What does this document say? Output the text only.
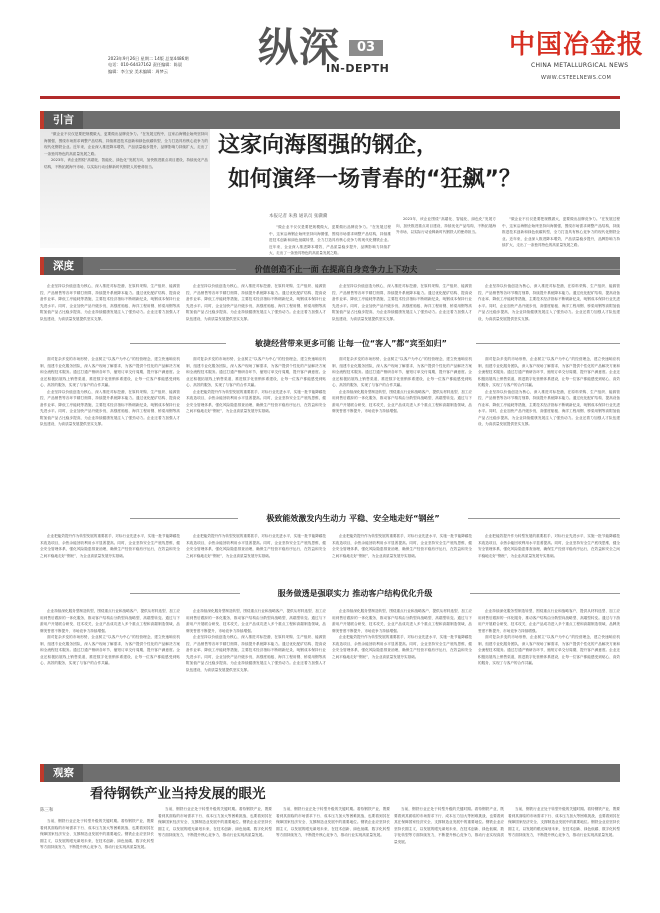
2023年9月26日 星期二 14版 总第4486期
电话：010-64437162 责任编辑：陈晨
编辑：李立安 美术编辑：周梦云
纵深	03
IN-DEPTH
中国冶金报
CHINA METALLURGICAL NEWS
WWW.CSTEELNEWS.COM
引言

“做企业不仅仅是要把规模做大，更要做出品牌竞争力。”在发展过程中，这家沿海钢企始终坚持向海图强，围绕市场需求调整产品结构，持续推进技术创新和绿色低碳转型，全力打造具有核心竞争力的现代化钢铁企业。近年来，企业深入推进降本增效，产品质量稳步提升，品牌影响力持续扩大，走出了一条独具特色的高质量发展之路。

2023年，该企业围绕“高端化、智能化、绿色化”发展方向，加快推进重点项目建设，持续优化产品结构，不断拓展海外市场，以实际行动诠释新时代钢铁人的使命担当。

这家向海图强的钢企，
如何演绎一场青春的“狂飙”？
本报记者 朱燕 通讯员 张骥骥

“做企业不仅仅是要把规模做大，更要做出品牌竞争力。”在发展过程中，这家沿海钢企始终坚持向海图强，围绕市场需求调整产品结构，持续推进技术创新和绿色低碳转型，全力打造具有核心竞争力的现代化钢铁企业。近年来，企业深入推进降本增效，产品质量稳步提升，品牌影响力持续扩大，走出了一条独具特色的高质量发展之路。

2023年，该企业围绕“高端化、智能化、绿色化”发展方向，加快推进重点项目建设，持续优化产品结构，不断拓展海外市场，以实际行动诠释新时代钢铁人的使命担当。

“做企业不仅仅是要把规模做大，更要做出品牌竞争力。”在发展过程中，这家沿海钢企始终坚持向海图强，围绕市场需求调整产品结构，持续推进技术创新和绿色低碳转型，全力打造具有核心竞争力的现代化钢铁企业。近年来，企业深入推进降本增效，产品质量稳步提升，品牌影响力持续扩大，走出了一条独具特色的高质量发展之路。

深度	价值创造不止一面 在提高自身竞争力上下功夫

企业坚持以价值创造为核心，深入推进对标挖潜，在原料采购、生产组织、能源管控、产品销售等各环节精打细算，持续提升系统降本能力。通过优化配矿结构、提高设备作业率、降低工序能耗等措施，主要技术经济指标不断刷新纪录，吨钢成本保持行业先进水平。同时，企业加快产品升级步伐，高强度船板、海洋工程用钢、桥梁用钢等高附加值产品占比稳步提高，为企业持续健康发展注入了强劲动力。企业还着力加强人才队伍建设，为高质量发展提供坚实支撑。

企业坚持以价值创造为核心，深入推进对标挖潜，在原料采购、生产组织、能源管控、产品销售等各环节精打细算，持续提升系统降本能力。通过优化配矿结构、提高设备作业率、降低工序能耗等措施，主要技术经济指标不断刷新纪录，吨钢成本保持行业先进水平。同时，企业加快产品升级步伐，高强度船板、海洋工程用钢、桥梁用钢等高附加值产品占比稳步提高，为企业持续健康发展注入了强劲动力。企业还着力加强人才队伍建设，为高质量发展提供坚实支撑。

企业坚持以价值创造为核心，深入推进对标挖潜，在原料采购、生产组织、能源管控、产品销售等各环节精打细算，持续提升系统降本能力。通过优化配矿结构、提高设备作业率、降低工序能耗等措施，主要技术经济指标不断刷新纪录，吨钢成本保持行业先进水平。同时，企业加快产品升级步伐，高强度船板、海洋工程用钢、桥梁用钢等高附加值产品占比稳步提高，为企业持续健康发展注入了强劲动力。企业还着力加强人才队伍建设，为高质量发展提供坚实支撑。

企业坚持以价值创造为核心，深入推进对标挖潜，在原料采购、生产组织、能源管控、产品销售等各环节精打细算，持续提升系统降本能力。通过优化配矿结构、提高设备作业率、降低工序能耗等措施，主要技术经济指标不断刷新纪录，吨钢成本保持行业先进水平。同时，企业加快产品升级步伐，高强度船板、海洋工程用钢、桥梁用钢等高附加值产品占比稳步提高，为企业持续健康发展注入了强劲动力。企业还着力加强人才队伍建设，为高质量发展提供坚实支撑。

敏捷经营带来更多可能 让每一位“客人”都“宾至如归”

面对复杂多变的市场形势，企业树立“以客户为中心”的经营理念，建立快速响应机制，组建专业化服务团队，深入客户现场了解需求，为客户提供个性化的产品解决方案和全流程技术服务。通过打通产销研各环节，缩短订单交付周期，提升客户满意度。企业还积极拓展线上销售渠道，推进数字化营销体系建设，让每一位客户都能感受到贴心、高效的服务，实现了与客户的合作共赢。

企业坚持以价值创造为核心，深入推进对标挖潜，在原料采购、生产组织、能源管控、产品销售等各环节精打细算，持续提升系统降本能力。通过优化配矿结构、提高设备作业率、降低工序能耗等措施，主要技术经济指标不断刷新纪录，吨钢成本保持行业先进水平。同时，企业加快产品升级步伐，高强度船板、海洋工程用钢、桥梁用钢等高附加值产品占比稳步提高，为企业持续健康发展注入了强劲动力。企业还着力加强人才队伍建设，为高质量发展提供坚实支撑。

面对复杂多变的市场形势，企业树立“以客户为中心”的经营理念，建立快速响应机制，组建专业化服务团队，深入客户现场了解需求，为客户提供个性化的产品解决方案和全流程技术服务。通过打通产销研各环节，缩短订单交付周期，提升客户满意度。企业还积极拓展线上销售渠道，推进数字化营销体系建设，让每一位客户都能感受到贴心、高效的服务，实现了与客户的合作共赢。

企业把能效提升作为转型发展的重要抓手，对标行业先进水平，实施一批节能降碳技术改造项目，余热余能回收利用水平显著提高。同时，企业坚持安全生产底线思维，健全安全管理体系，强化风险隐患排查治理，确保生产经营平稳有序运行，在效益和安全之间平稳地走好“钢丝”，为企业高质量发展夯实基础。

面对复杂多变的市场形势，企业树立“以客户为中心”的经营理念，建立快速响应机制，组建专业化服务团队，深入客户现场了解需求，为客户提供个性化的产品解决方案和全流程技术服务。通过打通产销研各环节，缩短订单交付周期，提升客户满意度。企业还积极拓展线上销售渠道，推进数字化营销体系建设，让每一位客户都能感受到贴心、高效的服务，实现了与客户的合作共赢。

企业持续深化服务型制造转型，围绕重点行业和战略客户，提供从材料选型、加工应用到售后跟踪的一体化服务，推动客户结构由分散型向战略型、高端型转变。通过与下游用户开展联合研发、技术攻关，企业产品成功进入多个重点工程和高端制造领域，品牌美誉度不断提升，市场竞争力持续增强。

面对复杂多变的市场形势，企业树立“以客户为中心”的经营理念，建立快速响应机制，组建专业化服务团队，深入客户现场了解需求，为客户提供个性化的产品解决方案和全流程技术服务。通过打通产销研各环节，缩短订单交付周期，提升客户满意度。企业还积极拓展线上销售渠道，推进数字化营销体系建设，让每一位客户都能感受到贴心、高效的服务，实现了与客户的合作共赢。

企业坚持以价值创造为核心，深入推进对标挖潜，在原料采购、生产组织、能源管控、产品销售等各环节精打细算，持续提升系统降本能力。通过优化配矿结构、提高设备作业率、降低工序能耗等措施，主要技术经济指标不断刷新纪录，吨钢成本保持行业先进水平。同时，企业加快产品升级步伐，高强度船板、海洋工程用钢、桥梁用钢等高附加值产品占比稳步提高，为企业持续健康发展注入了强劲动力。企业还着力加强人才队伍建设，为高质量发展提供坚实支撑。

极致能效激发内生动力 平稳、安全地走好“钢丝”

企业把能效提升作为转型发展的重要抓手，对标行业先进水平，实施一批节能降碳技术改造项目，余热余能回收利用水平显著提高。同时，企业坚持安全生产底线思维，健全安全管理体系，强化风险隐患排查治理，确保生产经营平稳有序运行，在效益和安全之间平稳地走好“钢丝”，为企业高质量发展夯实基础。

企业把能效提升作为转型发展的重要抓手，对标行业先进水平，实施一批节能降碳技术改造项目，余热余能回收利用水平显著提高。同时，企业坚持安全生产底线思维，健全安全管理体系，强化风险隐患排查治理，确保生产经营平稳有序运行，在效益和安全之间平稳地走好“钢丝”，为企业高质量发展夯实基础。

企业把能效提升作为转型发展的重要抓手，对标行业先进水平，实施一批节能降碳技术改造项目，余热余能回收利用水平显著提高。同时，企业坚持安全生产底线思维，健全安全管理体系，强化风险隐患排查治理，确保生产经营平稳有序运行，在效益和安全之间平稳地走好“钢丝”，为企业高质量发展夯实基础。

企业把能效提升作为转型发展的重要抓手，对标行业先进水平，实施一批节能降碳技术改造项目，余热余能回收利用水平显著提高。同时，企业坚持安全生产底线思维，健全安全管理体系，强化风险隐患排查治理，确保生产经营平稳有序运行，在效益和安全之间平稳地走好“钢丝”，为企业高质量发展夯实基础。

服务做透是强联实力 推动客户结构优化升级

企业持续深化服务型制造转型，围绕重点行业和战略客户，提供从材料选型、加工应用到售后跟踪的一体化服务，推动客户结构由分散型向战略型、高端型转变。通过与下游用户开展联合研发、技术攻关，企业产品成功进入多个重点工程和高端制造领域，品牌美誉度不断提升，市场竞争力持续增强。

面对复杂多变的市场形势，企业树立“以客户为中心”的经营理念，建立快速响应机制，组建专业化服务团队，深入客户现场了解需求，为客户提供个性化的产品解决方案和全流程技术服务。通过打通产销研各环节，缩短订单交付周期，提升客户满意度。企业还积极拓展线上销售渠道，推进数字化营销体系建设，让每一位客户都能感受到贴心、高效的服务，实现了与客户的合作共赢。

企业持续深化服务型制造转型，围绕重点行业和战略客户，提供从材料选型、加工应用到售后跟踪的一体化服务，推动客户结构由分散型向战略型、高端型转变。通过与下游用户开展联合研发、技术攻关，企业产品成功进入多个重点工程和高端制造领域，品牌美誉度不断提升，市场竞争力持续增强。

企业坚持以价值创造为核心，深入推进对标挖潜，在原料采购、生产组织、能源管控、产品销售等各环节精打细算，持续提升系统降本能力。通过优化配矿结构、提高设备作业率、降低工序能耗等措施，主要技术经济指标不断刷新纪录，吨钢成本保持行业先进水平。同时，企业加快产品升级步伐，高强度船板、海洋工程用钢、桥梁用钢等高附加值产品占比稳步提高，为企业持续健康发展注入了强劲动力。企业还着力加强人才队伍建设，为高质量发展提供坚实支撑。

企业持续深化服务型制造转型，围绕重点行业和战略客户，提供从材料选型、加工应用到售后跟踪的一体化服务，推动客户结构由分散型向战略型、高端型转变。通过与下游用户开展联合研发、技术攻关，企业产品成功进入多个重点工程和高端制造领域，品牌美誉度不断提升，市场竞争力持续增强。

企业把能效提升作为转型发展的重要抓手，对标行业先进水平，实施一批节能降碳技术改造项目，余热余能回收利用水平显著提高。同时，企业坚持安全生产底线思维，健全安全管理体系，强化风险隐患排查治理，确保生产经营平稳有序运行，在效益和安全之间平稳地走好“钢丝”，为企业高质量发展夯实基础。

企业持续深化服务型制造转型，围绕重点行业和战略客户，提供从材料选型、加工应用到售后跟踪的一体化服务，推动客户结构由分散型向战略型、高端型转变。通过与下游用户开展联合研发、技术攻关，企业产品成功进入多个重点工程和高端制造领域，品牌美誉度不断提升，市场竞争力持续增强。

面对复杂多变的市场形势，企业树立“以客户为中心”的经营理念，建立快速响应机制，组建专业化服务团队，深入客户现场了解需求，为客户提供个性化的产品解决方案和全流程技术服务。通过打通产销研各环节，缩短订单交付周期，提升客户满意度。企业还积极拓展线上销售渠道，推进数字化营销体系建设，让每一位客户都能感受到贴心、高效的服务，实现了与客户的合作共赢。

观察
看待钢铁产业当持发展的眼光
陈三和

当前，钢铁行业正处于转型升级的关键时期。看待钢铁产业，既要看到其面临的市场需求下行、成本压力加大等困难挑战，也要看到其在保障国家经济安全、支撑制造业发展中的重要地位。钢铁企业应坚持长期主义，以发展的眼光谋划未来，在技术创新、绿色低碳、数字化转型等方面持续发力，不断提升核心竞争力，推动行业实现高质量发展。

当前，钢铁行业正处于转型升级的关键时期。看待钢铁产业，既要看到其面临的市场需求下行、成本压力加大等困难挑战，也要看到其在保障国家经济安全、支撑制造业发展中的重要地位。钢铁企业应坚持长期主义，以发展的眼光谋划未来，在技术创新、绿色低碳、数字化转型等方面持续发力，不断提升核心竞争力，推动行业实现高质量发展。

当前，钢铁行业正处于转型升级的关键时期。看待钢铁产业，既要看到其面临的市场需求下行、成本压力加大等困难挑战，也要看到其在保障国家经济安全、支撑制造业发展中的重要地位。钢铁企业应坚持长期主义，以发展的眼光谋划未来，在技术创新、绿色低碳、数字化转型等方面持续发力，不断提升核心竞争力，推动行业实现高质量发展。

当前，钢铁行业正处于转型升级的关键时期。看待钢铁产业，既要看到其面临的市场需求下行、成本压力加大等困难挑战，也要看到其在保障国家经济安全、支撑制造业发展中的重要地位。钢铁企业应坚持长期主义，以发展的眼光谋划未来，在技术创新、绿色低碳、数字化转型等方面持续发力，不断提升核心竞争力，推动行业实现高质量发展。

当前，钢铁行业正处于转型升级的关键时期。看待钢铁产业，既要看到其面临的市场需求下行、成本压力加大等困难挑战，也要看到其在保障国家经济安全、支撑制造业发展中的重要地位。钢铁企业应坚持长期主义，以发展的眼光谋划未来，在技术创新、绿色低碳、数字化转型等方面持续发力，不断提升核心竞争力，推动行业实现高质量发展。
